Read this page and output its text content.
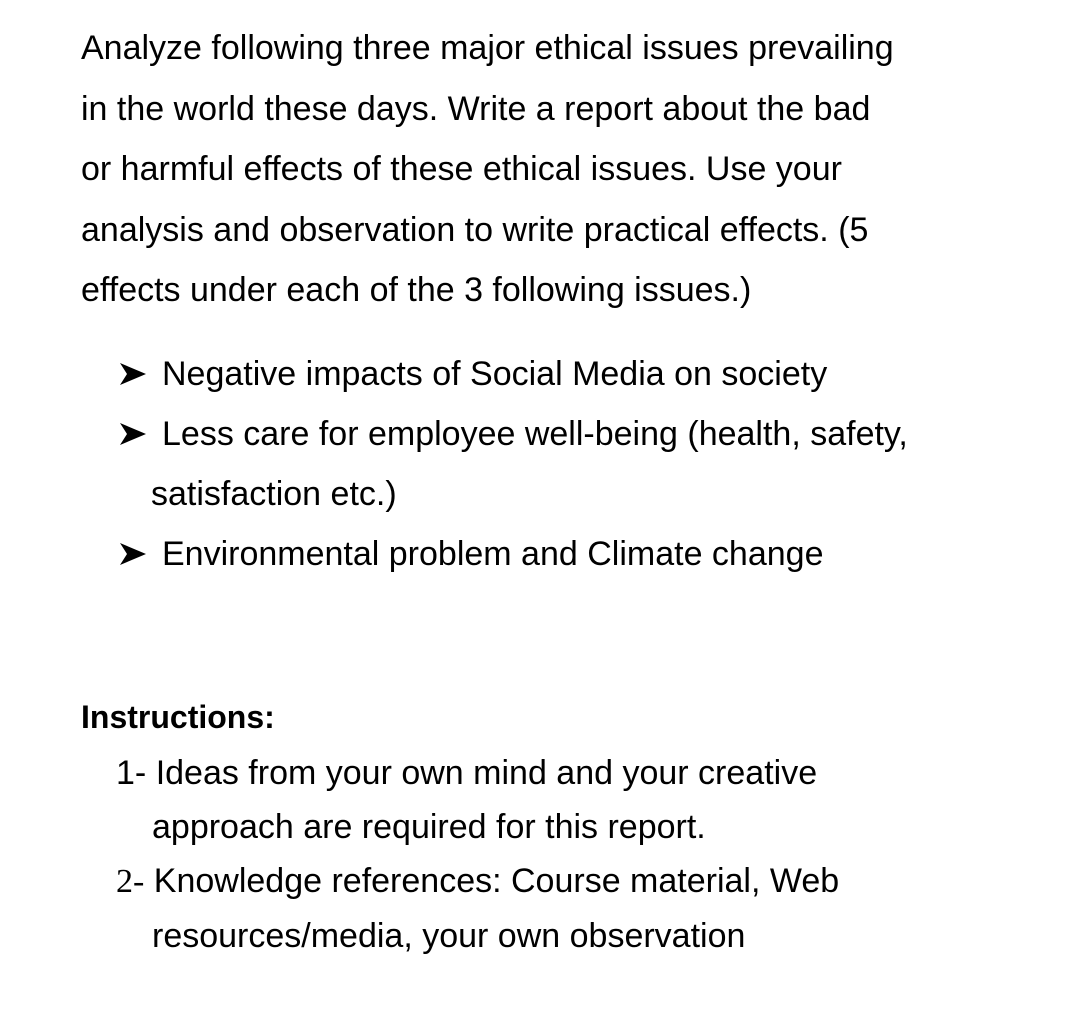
Analyze following three major ethical issues prevailing
in the world these days. Write a report about the bad
or harmful effects of these ethical issues. Use your
analysis and observation to write practical effects. (5
effects under each of the 3 following issues.)

Negative impacts of Social Media on society
Less care for employee well-being (health, safety,
satisfaction etc.)
Environmental problem and Climate change
Instructions:
1- Ideas from your own mind and your creative
approach are required for this report.
2- Knowledge references: Course material, Web
resources/media, your own observation
